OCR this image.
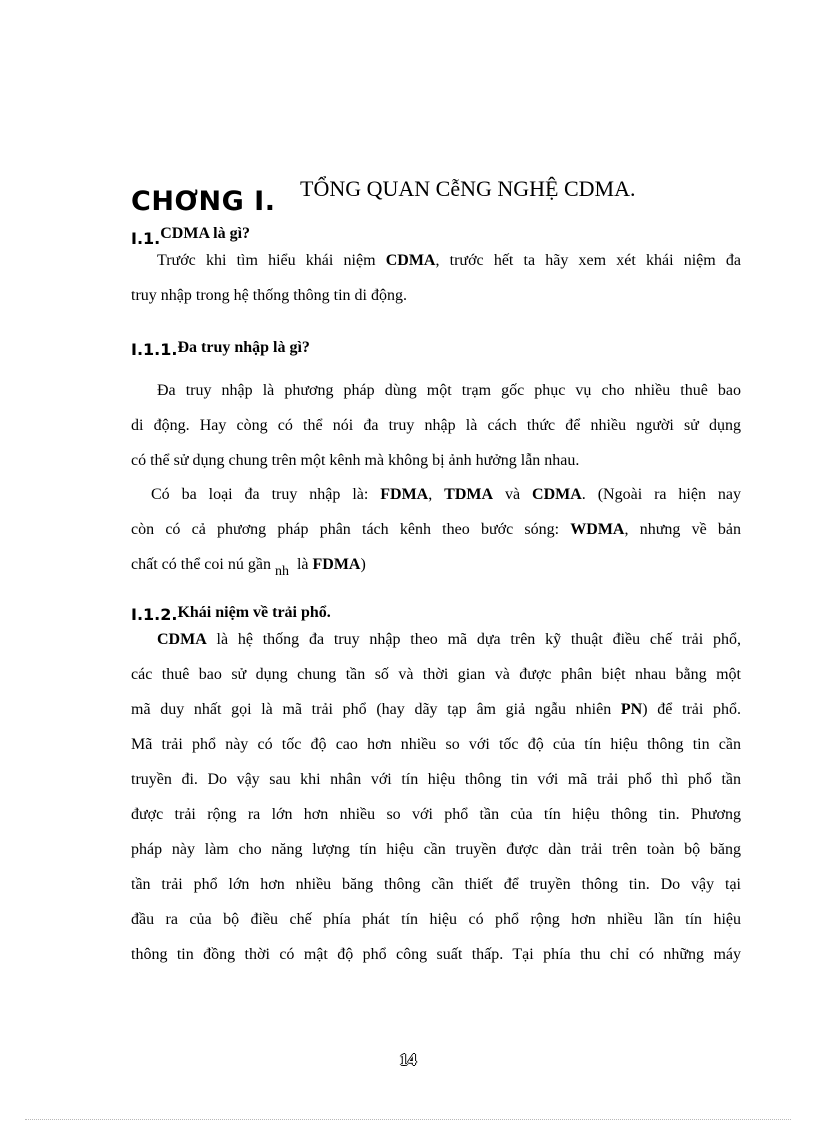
CHƠNG I. TỔNG QUAN CễNG NGHỆ CDMA.
I.1.CDMA là gì?
Trước khi tìm hiểu khái niệm CDMA, trước hết ta hãy xem xét khái niệm đa
truy nhập trong hệ thống thông tin di động.
I.1.1.Đa truy nhập là gì?
Đa truy nhập là phương pháp dùng một trạm gốc phục vụ cho nhiều thuê bao
di động. Hay còng có thể nói đa truy nhập là cách thức để nhiều người sử dụng
có thể sử dụng chung trên một kênh mà không bị ảnh hưởng lẫn nhau.
Có ba loại đa truy nhập là: FDMA, TDMA và CDMA. (Ngoài ra hiện nay
còn có cả phương pháp phân tách kênh theo bước sóng: WDMA, nhưng về bản
chất có thể coi nú gần nh  là FDMA)
I.1.2.Khái niệm về trải phổ.
CDMA là hệ thống đa truy nhập theo mã dựa trên kỹ thuật điều chế trải phổ,
các thuê bao sử dụng chung tần số và thời gian và được phân biệt nhau bằng một
mã duy nhất gọi là mã trải phổ (hay dãy tạp âm giả ngẫu nhiên PN) để trải phổ.
Mã trải phổ này có tốc độ cao hơn nhiều so với tốc độ của tín hiệu thông tin cần
truyền đi. Do vậy sau khi nhân với tín hiệu thông tin với mã trải phổ thì phổ tần
được trải rộng ra lớn hơn nhiều so với phổ tần của tín hiệu thông tin. Phương
pháp này làm cho năng lượng tín hiệu cần truyền được dàn trải trên toàn bộ băng
tần trải phổ lớn hơn nhiều băng thông cần thiết để truyền thông tin. Do vậy tại
đầu ra của bộ điều chế phía phát tín hiệu có phổ rộng hơn nhiều lần tín hiệu
thông tin đồng thời có mật độ phổ công suất thấp. Tại phía thu chỉ có những máy
14
